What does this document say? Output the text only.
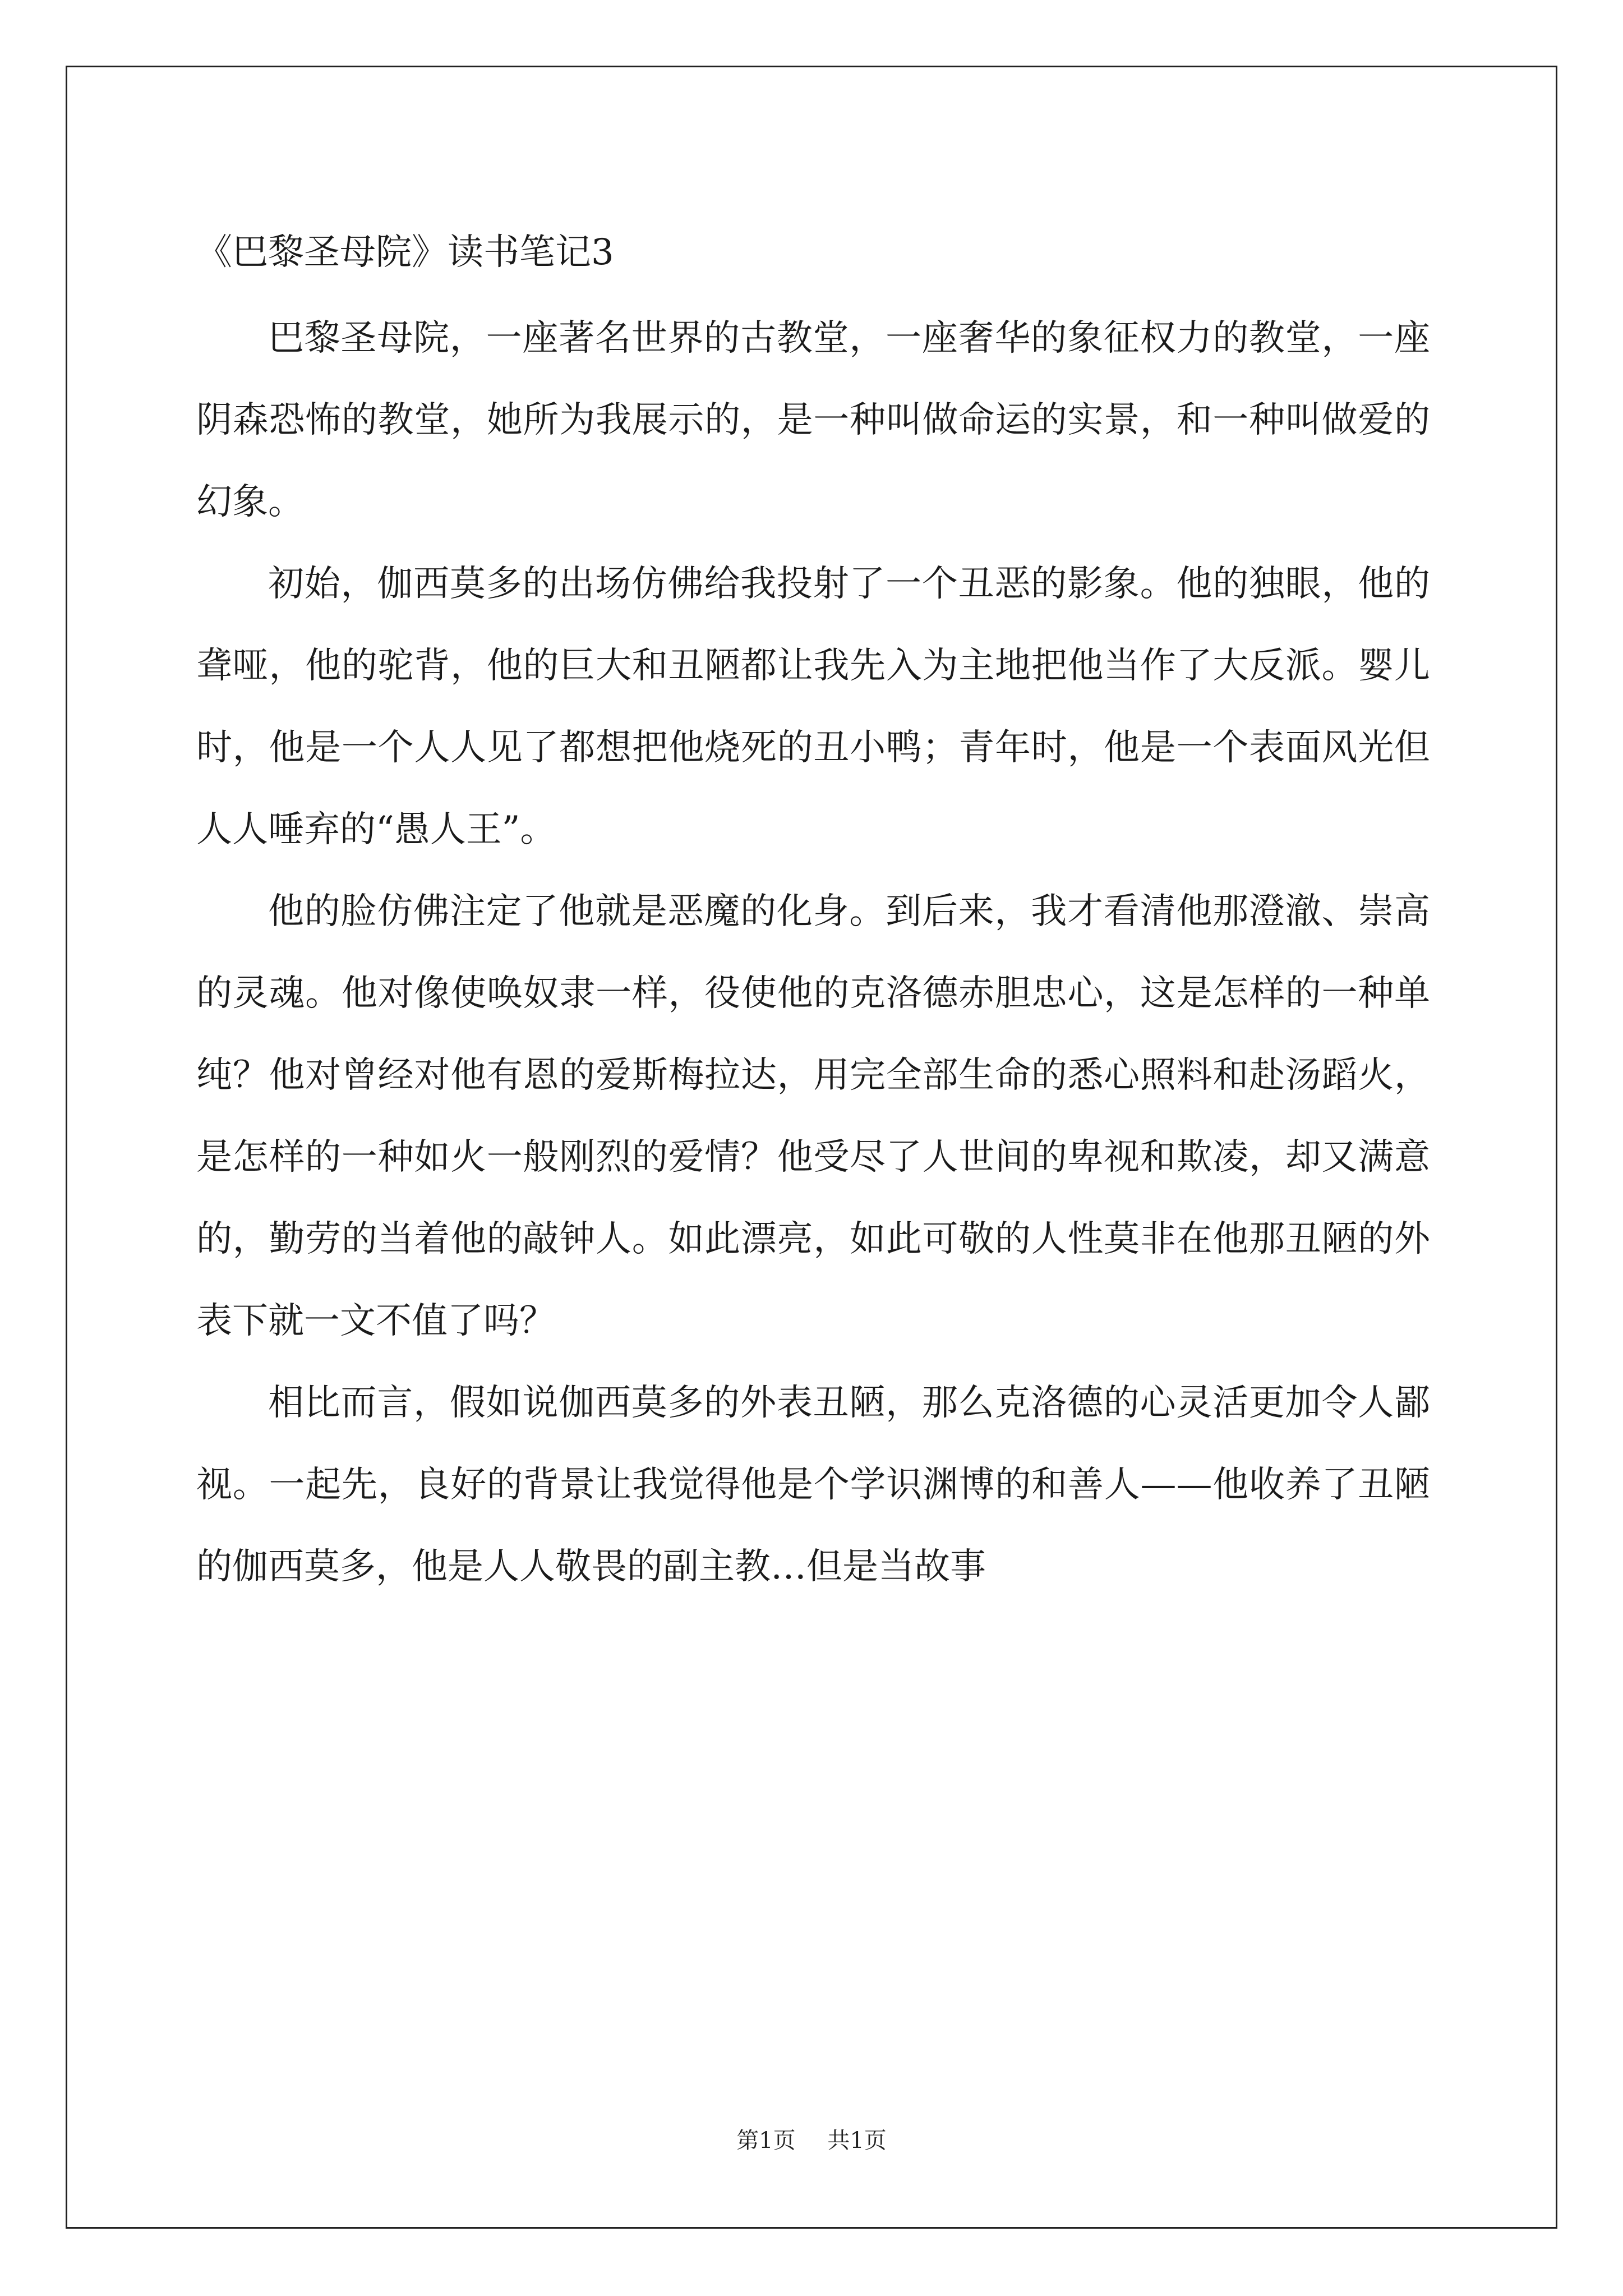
《巴黎圣母院》读书笔记3

巴黎圣母院，一座著名世界的古教堂，一座奢华的象征权力的教堂，一座阴森恐怖的教堂，她所为我展示的，是一种叫做命运的实景，和一种叫做爱的幻象。

初始，伽西莫多的出场仿佛给我投射了一个丑恶的影象。他的独眼，他的聋哑，他的驼背，他的巨大和丑陋都让我先入为主地把他当作了大反派。婴儿时，他是一个人人见了都想把他烧死的丑小鸭；青年时，他是一个表面风光但人人唾弃的“愚人王”。

他的脸仿佛注定了他就是恶魔的化身。到后来，我才看清他那澄澈、崇高的灵魂。他对像使唤奴隶一样，役使他的克洛德赤胆忠心，这是怎样的一种单纯？他对曾经对他有恩的爱斯梅拉达，用完全部生命的悉心照料和赴汤蹈火，是怎样的一种如火一般刚烈的爱情？他受尽了人世间的卑视和欺凌，却又满意的，勤劳的当着他的敲钟人。如此漂亮，如此可敬的人性莫非在他那丑陋的外表下就一文不值了吗？

相比而言，假如说伽西莫多的外表丑陋，那么克洛德的心灵活更加令人鄙视。一起先，良好的背景让我觉得他是个学识渊博的和善人——他收养了丑陋的伽西莫多，他是人人敬畏的副主教…但是当故事

第1页 共1页
